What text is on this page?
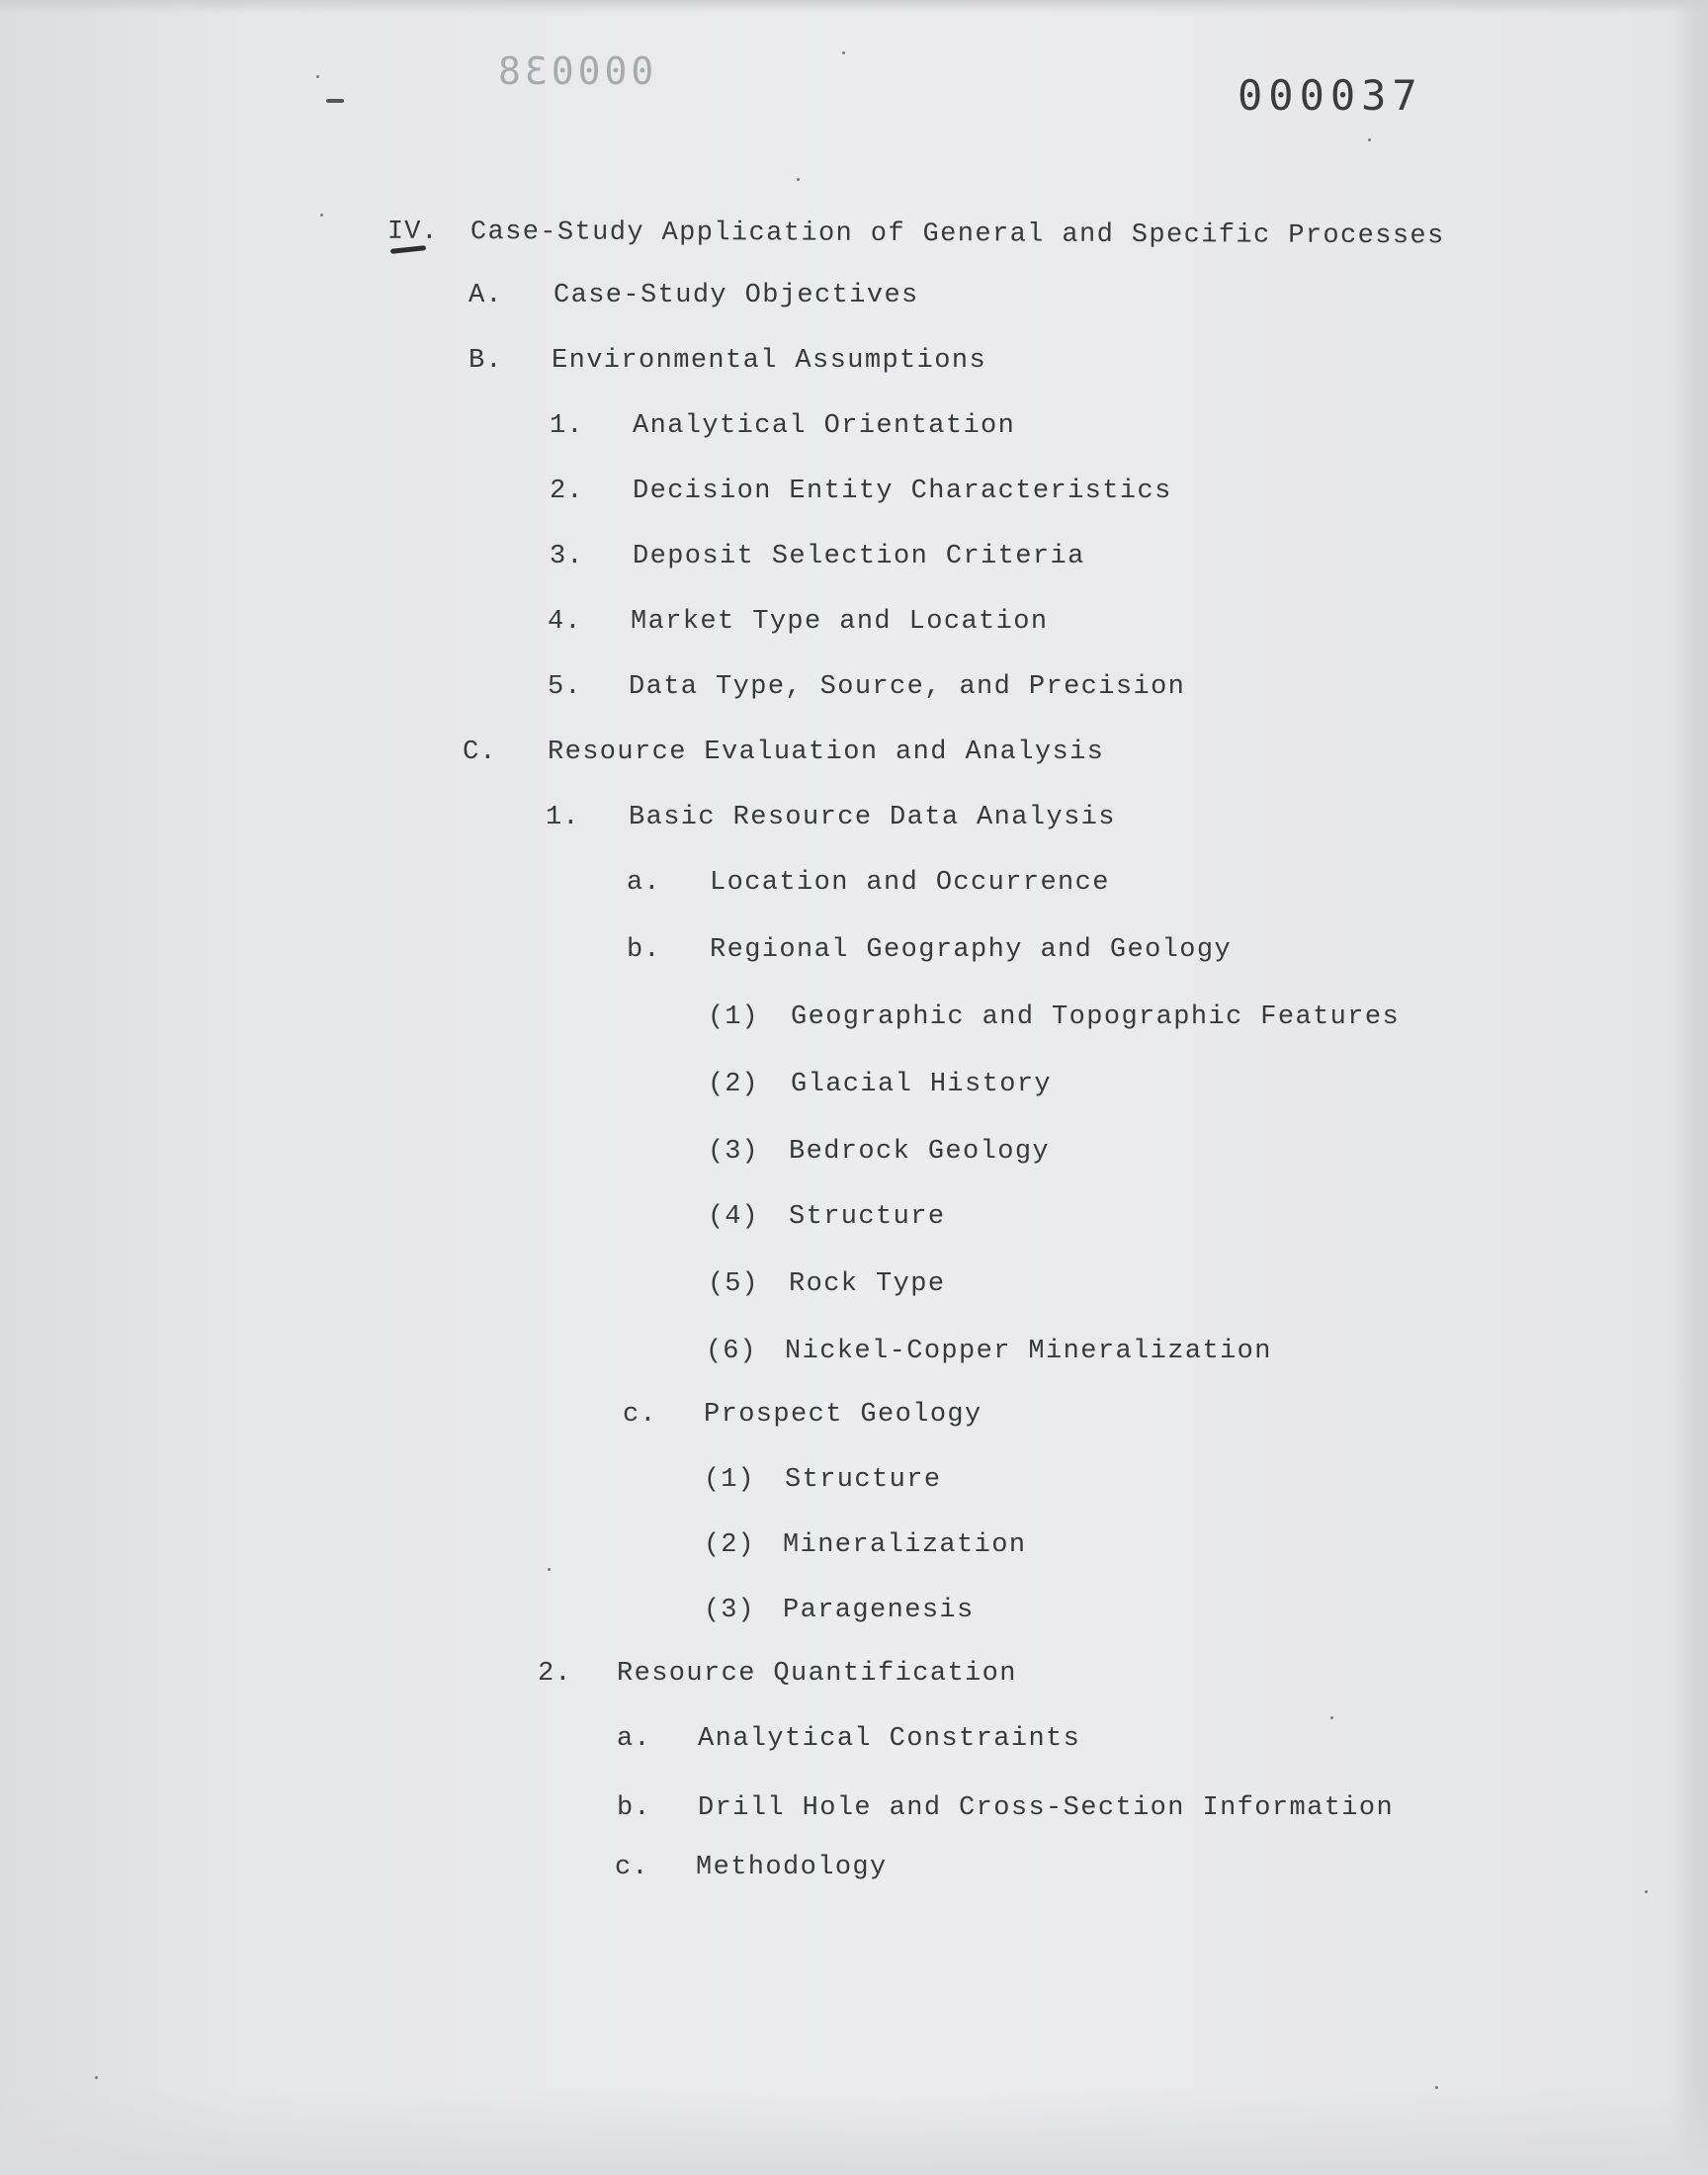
000038	000037
IV. Case-Study Application of General and Specific Processes
A. Case-Study Objectives
B. Environmental Assumptions
1. Analytical Orientation
2. Decision Entity Characteristics
3. Deposit Selection Criteria
4. Market Type and Location
5. Data Type, Source, and Precision
C. Resource Evaluation and Analysis
1. Basic Resource Data Analysis
a. Location and Occurrence
b. Regional Geography and Geology
(1) Geographic and Topographic Features
(2) Glacial History
(3) Bedrock Geology
(4) Structure
(5) Rock Type
(6) Nickel-Copper Mineralization
c. Prospect Geology
(1) Structure
(2) Mineralization
(3) Paragenesis
2. Resource Quantification
a. Analytical Constraints
b. Drill Hole and Cross-Section Information
c. Methodology
